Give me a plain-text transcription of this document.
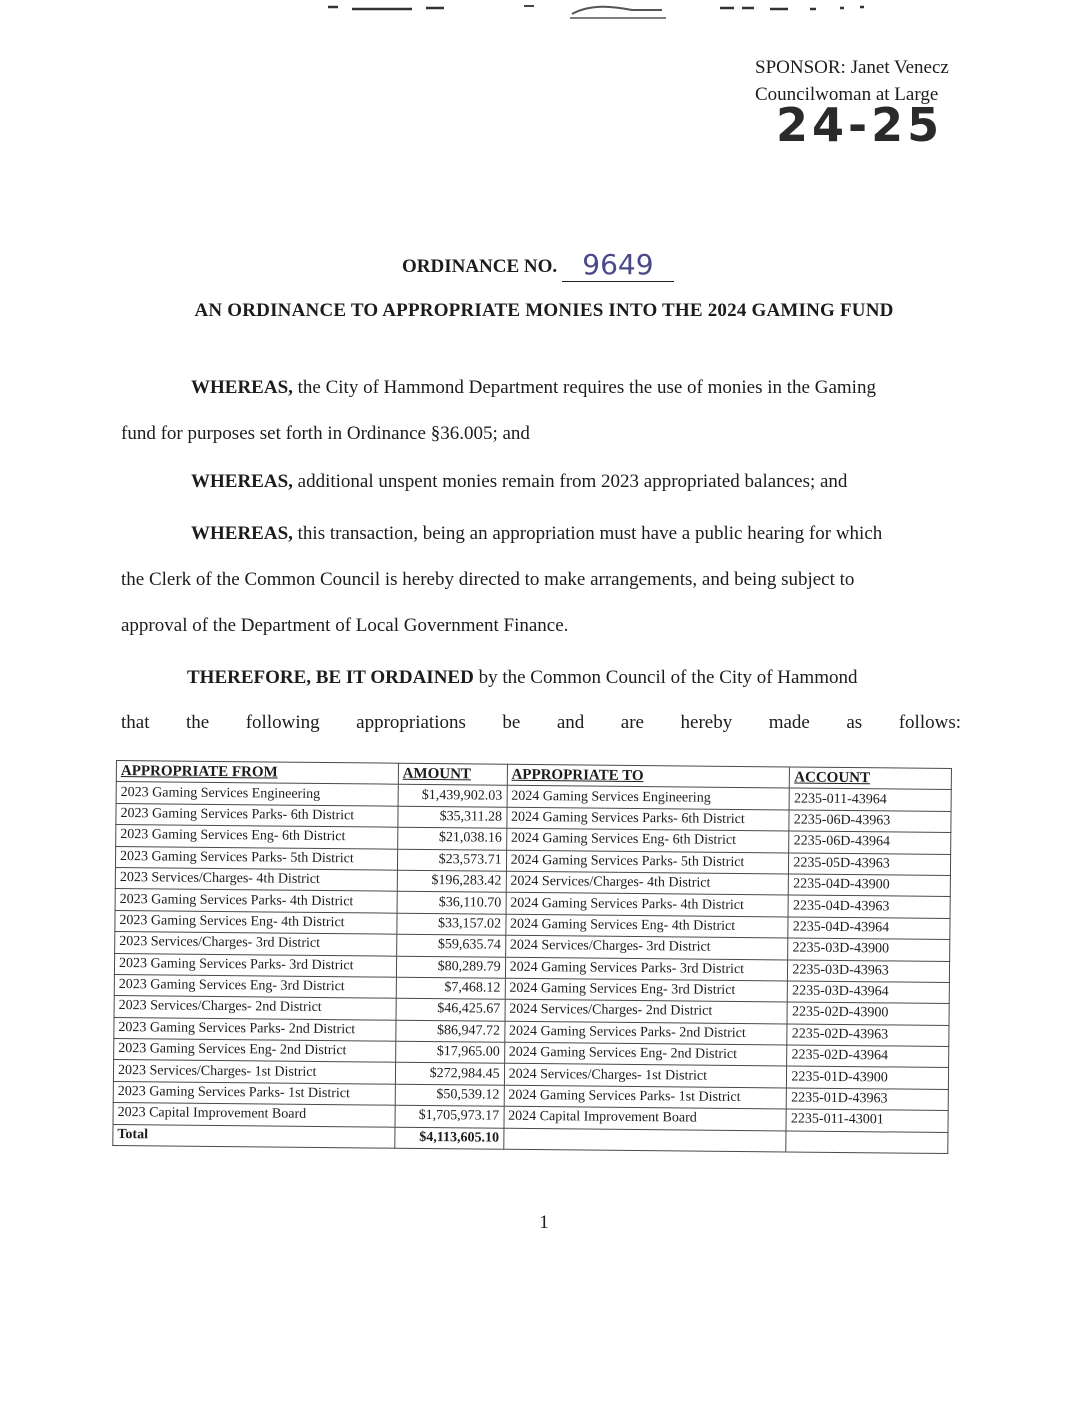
SPONSOR: Janet Venecz
Councilwoman at Large
24-25
ORDINANCE NO. 9649
AN ORDINANCE TO APPROPRIATE MONIES INTO THE 2024 GAMING FUND
WHEREAS, the City of Hammond Department requires the use of monies in the Gaming
fund for purposes set forth in Ordinance §36.005; and
WHEREAS, additional unspent monies remain from 2023 appropriated balances; and
WHEREAS, this transaction, being an appropriation must have a public hearing for which
the Clerk of the Common Council is hereby directed to make arrangements, and being subject to
approval of the Department of Local Government Finance.
THEREFORE, BE IT ORDAINED by the Common Council of the City of Hammond
that the following appropriations be and are hereby made as follows:
APPROPRIATE FROM	AMOUNT	APPROPRIATE TO	ACCOUNT
2023 Gaming Services Engineering	$1,439,902.03	2024 Gaming Services Engineering	2235-011-43964
2023 Gaming Services Parks- 6th District	$35,311.28	2024 Gaming Services Parks- 6th District	2235-06D-43963
2023 Gaming Services Eng- 6th District	$21,038.16	2024 Gaming Services Eng- 6th District	2235-06D-43964
2023 Gaming Services Parks- 5th District	$23,573.71	2024 Gaming Services Parks- 5th District	2235-05D-43963
2023 Services/Charges- 4th District	$196,283.42	2024 Services/Charges- 4th District	2235-04D-43900
2023 Gaming Services Parks- 4th District	$36,110.70	2024 Gaming Services Parks- 4th District	2235-04D-43963
2023 Gaming Services Eng- 4th District	$33,157.02	2024 Gaming Services Eng- 4th District	2235-04D-43964
2023 Services/Charges- 3rd District	$59,635.74	2024 Services/Charges- 3rd District	2235-03D-43900
2023 Gaming Services Parks- 3rd District	$80,289.79	2024 Gaming Services Parks- 3rd District	2235-03D-43963
2023 Gaming Services Eng- 3rd District	$7,468.12	2024 Gaming Services Eng- 3rd District	2235-03D-43964
2023 Services/Charges- 2nd District	$46,425.67	2024 Services/Charges- 2nd District	2235-02D-43900
2023 Gaming Services Parks- 2nd District	$86,947.72	2024 Gaming Services Parks- 2nd District	2235-02D-43963
2023 Gaming Services Eng- 2nd District	$17,965.00	2024 Gaming Services Eng- 2nd District	2235-02D-43964
2023 Services/Charges- 1st District	$272,984.45	2024 Services/Charges- 1st District	2235-01D-43900
2023 Gaming Services Parks- 1st District	$50,539.12	2024 Gaming Services Parks- 1st District	2235-01D-43963
2023 Capital Improvement Board	$1,705,973.17	2024 Capital Improvement Board	2235-011-43001
Total	$4,113,605.10		
1
